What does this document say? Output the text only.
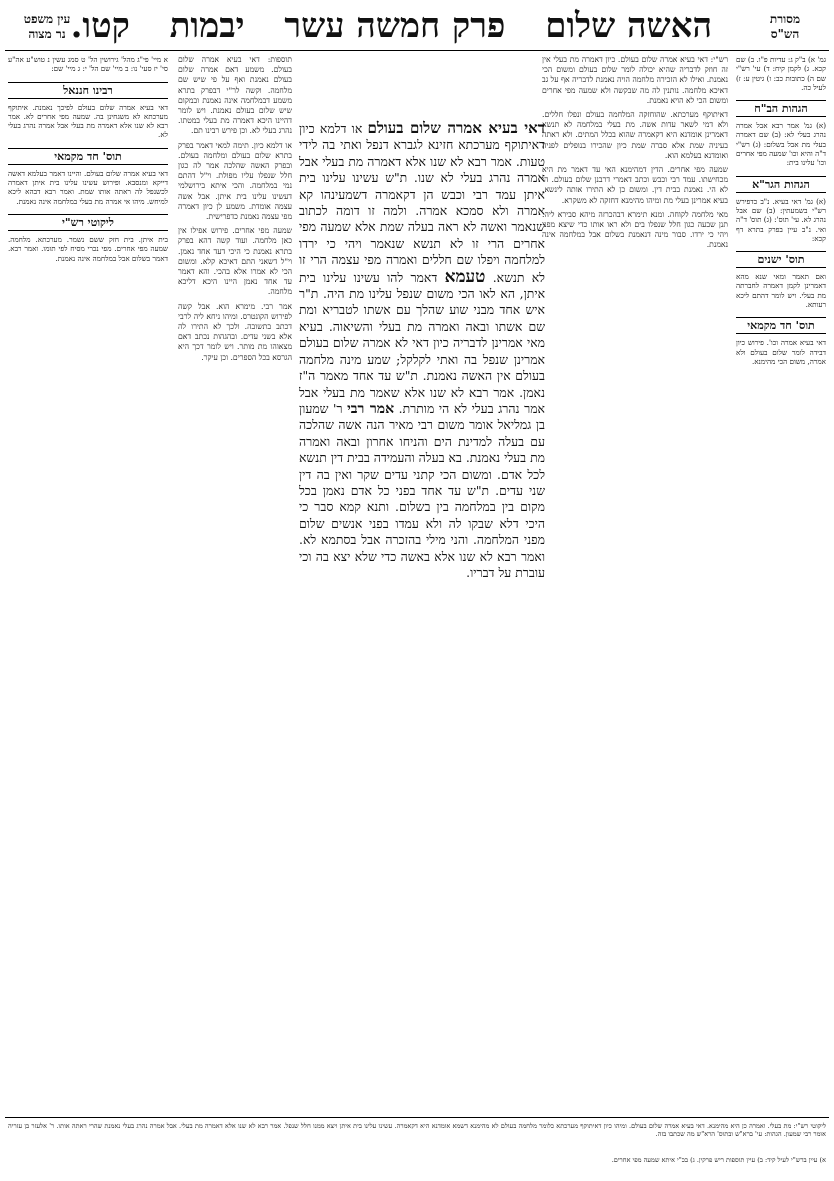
מסורת
הש"ס
האשה שלום פרק חמשה עשר יבמות קטו.
עין משפט
נר מצוה
גמ' א) ב"ק ג: עדיות פ"ו. ב) שם קכא. ג) לקמן קיח: ד) עי' רש"י שם ה) כתובות כב: ו) גיטין ע: ז) לעיל כה.
הגהות הב"ח
(א) גמ' אמר רבא אבל אמרה נהרג בעלי לא: (ב) שם דאמרה בעלי מת אבל בשלום: (ג) רש"י ד"ה והיא וכו' שמעה מפי אחרים וכו' עלינו בית:
הגהות הגר"א
(א) גמ' דאי בעיא. נ"ב כדפירש רש"י בשמעתין: (ב) שם אבל נהרג לא. עי' תוס': (ג) תוס' ד"ה ואי. נ"ב עיין בפרק בתרא דף קכא:
תוס' ישנים
ואם תאמר ומאי שנא מהא דאמרינן לקמן דאמרה לחברתה מת בעלי. ויש לומר דהתם ליכא רעותא.
תוס' חד מקמאי
דאי בעיא אמרה וכו'. פירוש כיון דבידה לומר שלום בעולם ולא אמרה, משום הכי מהימנא.

רש"י: דאי בעיא אמרה שלום בעולם. כיון דאמרה מת בעלי אין זה חוזק לדבריה שהיא יכולה לומר שלום בעולם ומשום הכי נאמנת. ואילו לא הזכירה מלחמה הויה נאמנת לדבריה אף על גב דאיכא מלחמה. נותנין לה מה שבקשה ולא שמעה מפי אחרים ומשום הכי לא הויא נאמנת.

דאיתוקף מערכתא. שהוחזקה המלחמה בעולם ונפלו חללים. ולא דמי לשאר עדות אשה. מת בעלי במלחמה לא תנשא דאמרינן אומדנא היא דקאמרה שהוא בכלל המתים. ולא ראתה בעיניה שמת אלא סברה שמת כיון שהכירו בנופלים לפניה ואומדנא בעלמא הוא.

שמעה מפי אחרים. הדין דמהימנא האי עד דאמר מת היא מכחישתו. עמד רבי וכבש וכתב דאמרי דרבנן שלום בעולם. הי לא הי. נאמנת בבית דין. ומשום כן לא התירו אותה לינשא. בעיא אמרינן בעלי מת ומיהו מהימנא דחזקה לא משקרא.

מאי מלחמה לקוחה. ומנא תימרא דבהכרזה מיהא סבירא ליה. תנן שבעה כגון חלל שנפלו בים ולא ראו אותו כדי שיצא מפני ויהי כי ירדו. סבור מינה דנאמנת בשלום אבל במלחמה אינה נאמנת.

תוספות: דאי בעיא אמרה שלום בעולם. משמע דאם אמרה שלום בעולם נאמנת ואף על פי שיש שם מלחמה. וקשה לר"י דבפרק בתרא משמע דבמלחמה אינה נאמנת ובמקום שיש שלום בעולם נאמנת. ויש לומר דהיינו היכא דאמרה מת בעלי במטתו. נהרג בעלי לא. וכן פירש רבינו תם.

או דלמא כיון. תימה למאי דאמר בפרק בתרא שלום בעולם ומלחמה בעולם. ובפרק האשה שהלכה אמר לה כגון חלל שנפלו עליו מפולת. וי"ל דהתם נמי במלחמה. והכי איתא בירושלמי דעשינו עלינו בית איתן. אבל אשה עצמה אומדת. משמע לן כיון דאמרה מפי עצמה נאמנת כדפרישית.

שמעה מפי אחרים. פירוש אפילו אין כאן מלחמה. ועוד קשה דהא בפרק בתרא נאמנת כי היכי דעד אחד נאמן. וי"ל דשאני התם דאיכא קלא. ומשום הכי לא אמרו אלא בהכי. והא דאמר עד אחד נאמן היינו היכא דליכא מלחמה.

אמר רבי. מימרא הוא. אבל קשה לפירוש הקונטרס. ומיהו ניחא ליה לרבי דכתב בתשובה. ולכך לא התירו לה אלא בשני עדים. ובהגהות נכתב דאם מצאוהו מת מותר. ויש לומר דכך היא הגרסא בכל הספרים. וכן עיקר.

דאי בעיא אמרה שלום בעולם או דלמא כיון דאיתוקף מערכתא חזינא לגברא דנפל ואתי בה לידי טעות. אמר רבא לא שנו אלא דאמרה מת בעלי אבל אמרה נהרג בעלי לא שנו. ת"ש עשינו עלינו בית איתן עמד רבי וכבש הן דקאמרה דשמעינהו קא אמרה ולא סמכא אמרה. ולמה זו דומה לכתוב שנאמר ואשה לא ראה בעלה שמת אלא שמעה מפי אחרים הרי זו לא תנשא שנאמר ויהי כי ירדו למלחמה ויפלו שם חללים ואמרה מפי עצמה הרי זו לא תנשא. טעמא דאמר להו עשינו עלינו בית איתן, הא לאו הכי משום שנפל עלינו מת היה. ת"ר איש אחד מבני שוע שהלך עם אשתו לטבריא ומת שם אשתו ובאה ואמרה מת בעלי והשיאוה. בעיא מאי אמרינן לדבריה כיון דאי לא אמרה שלום בעולם אמרינן שנפל בה ואתי לקלקל; שמע מינה מלחמה בעולם אין האשה נאמנת. ת"ש עד אחד מאמר ה"ז נאמן. אמר רבא לא שנו אלא שאמר מת בעלי אבל אמר נהרג בעלי לא הי מותרת. אמר רבי ר' שמעון בן גמליאל אומר משום רבי מאיר הנה אשה שהלכה עם בעלה למדינת הים והניחו אחרון ובאה ואמרה מת בעלי נאמנת. בא בעלה והעמידה בבית דין תנשא לכל אדם. ומשום הכי קתני עדים שקר ואין בה דין שני עדים. ת"ש עד אחד בפני כל אדם נאמן בכל מקום בין במלחמה בין בשלום. ותנא קמא סבר כי היכי דלא שבקו לה ולא עמדו בפני אנשים שלום מפני המלחמה. והני מילי בהזכרה אבל בסתמא לא. ואמר רבא לא שנו אלא באשה כדי שלא יצא בה וכי עוברת על דבריו.
א מיי' פי"ג מהל' גירושין הל' ט סמג עשין נ טוש"ע אה"ע סי' יז סעי' נו: ב מיי' שם הל' י: ג מיי' שם:
רבינו חננאל
דאי בעיא אמרה שלום בעולם לפיכך נאמנת. איתוקף מערכתא לא משגחינן בה. שמעה מפי אחרים לא. אמר רבא לא שנו אלא דאמרה מת בעלי אבל אמרה נהרג בעלי לא.
תוס' חד מקמאי
דאי בעיא אמרה שלום בעולם. והיינו דאמר בעלמא דאשה דייקא ומנסבא. ופירוש עשינו עלינו בית איתן דאמרה לכשנפל לה ראתה אותו שמת. ואמר רבא דבהא ליכא למיחש. מיהו אי אמרה מת בעלי במלחמה אינה נאמנת.
ליקוטי רש"י
בית איתן. בית חזק ששם נשמר. מערכתא. מלחמה. שמעה מפי אחרים. מפי נכרי מסיח לפי תומו. ואמר רבא. דאמר בשלום אבל במלחמה אינה נאמנת.
ליקוטי רש"י: מת בעלי. ואמרה כן היא מהימנא. דאי בעיא אמרה שלום בעולם. ומיהו כיון דאיתוקף מערכתא כלומר מלחמה בעולם לא מהימנא דשמא אומדנא היא דקאמרה. עשינו עלינו בית איתן ויצא ממנו חלל שנפל. אמר רבא לא שנו אלא דאמרה מת בעלי. אבל אמרה נהרג בעלי נאמנת שהרי ראתה אותו. ר' אלעזר בן עזריה אומר רבי שמעון. הגהות: עי' ברא"ש ובתוס' הרא"ש מה שכתבו בזה.
א) עיין ברש"י לעיל קיד: ב) עיין תוספות ריש פרקין. ג) בכ"י איתא שמעה מפי אחרים.
